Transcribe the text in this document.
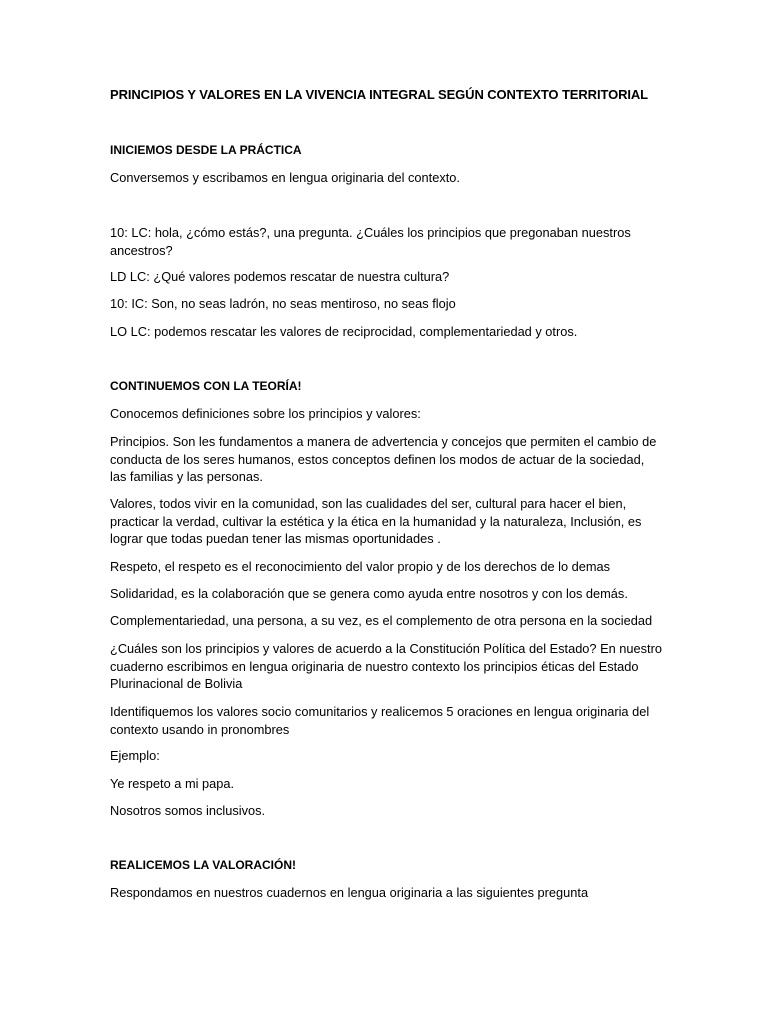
PRINCIPIOS Y VALORES EN LA VIVENCIA INTEGRAL SEGÚN CONTEXTO TERRITORIAL
INICIEMOS DESDE LA PRÁCTICA

Conversemos y escribamos en lengua originaria del contexto.

10: LC: hola, ¿cómo estás?, una pregunta. ¿Cuáles los principios que pregonaban nuestros ancestros?

LD LC: ¿Qué valores podemos rescatar de nuestra cultura?

10: IC: Son, no seas ladrón, no seas mentiroso, no seas flojo

LO LC: podemos rescatar les valores de reciprocidad, complementariedad y otros.

CONTINUEMOS CON LA TEORÍA!

Conocemos definiciones sobre los principios y valores:

Principios. Son les fundamentos a manera de advertencia y concejos que permiten el cambio de conducta de los seres humanos, estos conceptos definen los modos de actuar de la sociedad, las familias y las personas.

Valores, todos vivir en la comunidad, son las cualidades del ser, cultural para hacer el bien, practicar la verdad, cultivar la estética y la ética en la humanidad y la naturaleza, Inclusión, es lograr que todas puedan tener las mismas oportunidades .

Respeto, el respeto es el reconocimiento del valor propio y de los derechos de lo demas

Solidaridad, es la colaboración que se genera como ayuda entre nosotros y con los demás.

Complementariedad, una persona, a su vez, es el complemento de otra persona en la sociedad

¿Cuáles son los principios y valores de acuerdo a la Constitución Política del Estado? En nuestro cuaderno escribimos en lengua originaria de nuestro contexto los principios éticas del Estado Plurinacional de Bolivia

Identifiquemos los valores socio comunitarios y realicemos 5 oraciones en lengua originaria del contexto usando in pronombres

Ejemplo:

Ye respeto a mi papa.

Nosotros somos inclusivos.

REALICEMOS LA VALORACIÓN!

Respondamos en nuestros cuadernos en lengua originaria a las siguientes pregunta
